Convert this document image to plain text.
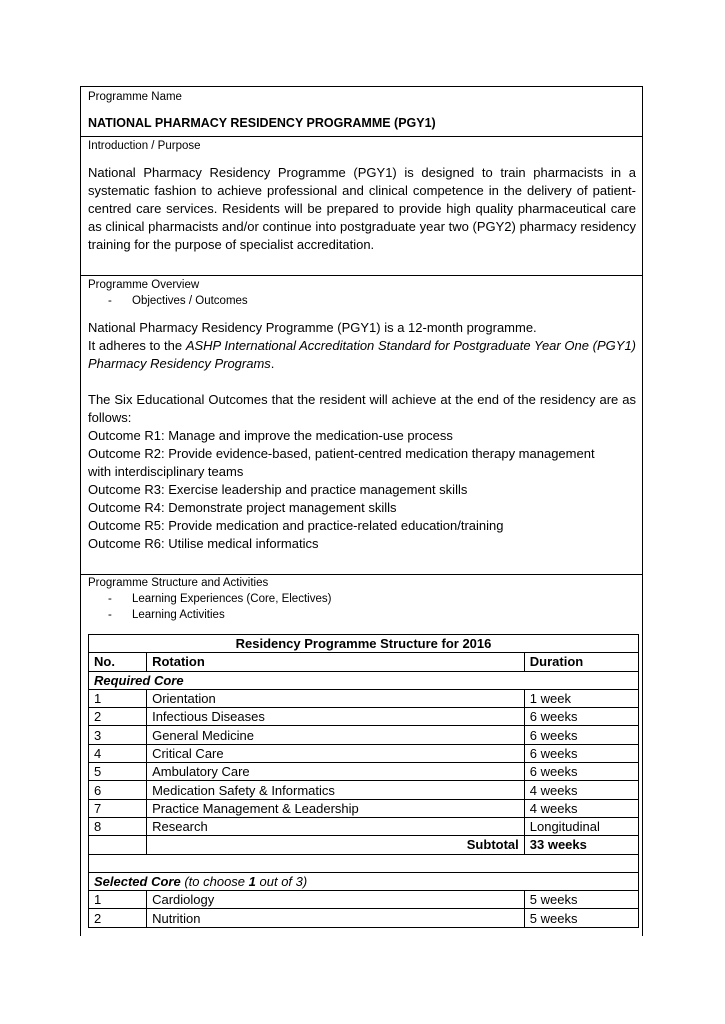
Programme Name
NATIONAL PHARMACY RESIDENCY PROGRAMME (PGY1)
Introduction / Purpose

National Pharmacy Residency Programme (PGY1) is designed to train pharmacists in a systematic fashion to achieve professional and clinical competence in the delivery of patient-centred care services. Residents will be prepared to provide high quality pharmaceutical care as clinical pharmacists and/or continue into postgraduate year two (PGY2) pharmacy residency training for the purpose of specialist accreditation.

Programme Overview
- Objectives / Outcomes

National Pharmacy Residency Programme (PGY1) is a 12-month programme.

It adheres to the ASHP International Accreditation Standard for Postgraduate Year One (PGY1) Pharmacy Residency Programs.

The Six Educational Outcomes that the resident will achieve at the end of the residency are as follows:

Outcome R1: Manage and improve the medication-use process

Outcome R2: Provide evidence-based, patient-centred medication therapy management with interdisciplinary teams

Outcome R3: Exercise leadership and practice management skills

Outcome R4: Demonstrate project management skills

Outcome R5: Provide medication and practice-related education/training

Outcome R6: Utilise medical informatics

Programme Structure and Activities
- Learning Experiences (Core, Electives)
- Learning Activities
Residency Programme Structure for 2016		
No.	Rotation	Duration
Required Core		
1	Orientation	1 week
2	Infectious Diseases	6 weeks
3	General Medicine	6 weeks
4	Critical Care	6 weeks
5	Ambulatory Care	6 weeks
6	Medication Safety & Informatics	4 weeks
7	Practice Management & Leadership	4 weeks
8	Research	Longitudinal
	Subtotal	33 weeks

Selected Core (to choose 1 out of 3)		
1	Cardiology	5 weeks
2	Nutrition	5 weeks
